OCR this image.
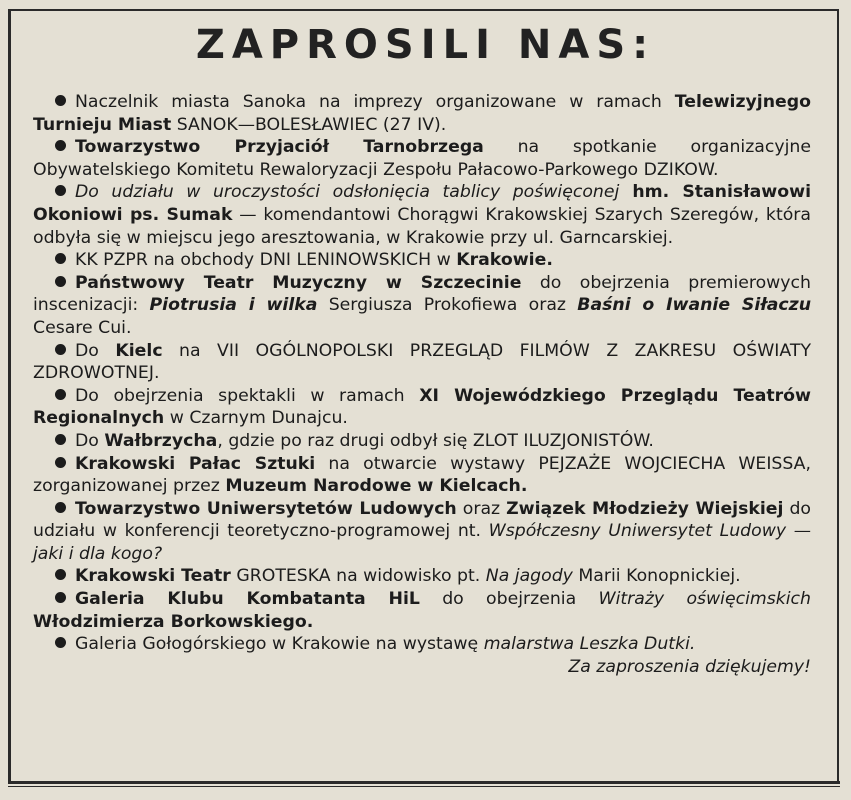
ZAPROSILI NAS:

Naczelnik miasta Sanoka na imprezy organizowane w ramach Telewizyjnego Turnieju Miast SANOK—BOLESŁAWIEC (27 IV).

Towarzystwo Przyjaciół Tarnobrzega na spotkanie organizacyjne Obywatelskiego Komitetu Rewaloryzacji Zespołu Pałacowo-Parkowego DZIKOW.

Do udziału w uroczystości odsłonięcia tablicy poświęconej hm. Stanisławowi Okoniowi ps. Sumak — komendantowi Chorągwi Krakowskiej Szarych Szeregów, która odbyła się w miejscu jego aresztowania, w Krakowie przy ul. Garncarskiej.

KK PZPR na obchody DNI LENINOWSKICH w Krakowie.

Państwowy Teatr Muzyczny w Szczecinie do obejrzenia premierowych inscenizacji: Piotrusia i wilka Sergiusza Prokofiewa oraz Baśni o Iwanie Siłaczu Cesare Cui.

Do Kielc na VII OGÓLNOPOLSKI PRZEGLĄD FILMÓW Z ZAKRESU OŚWIATY ZDROWOTNEJ.

Do obejrzenia spektakli w ramach XI Wojewódzkiego Przeglądu Teatrów Regionalnych w Czarnym Dunajcu.

Do Wałbrzycha, gdzie po raz drugi odbył się ZLOT ILUZJONISTÓW.

Krakowski Pałac Sztuki na otwarcie wystawy PEJZAŻE WOJCIECHA WEISSA, zorganizowanej przez Muzeum Narodowe w Kielcach.

Towarzystwo Uniwersytetów Ludowych oraz Związek Młodzieży Wiejskiej do udziału w konferencji teoretyczno-programowej nt. Współczesny Uniwersytet Ludowy — jaki i dla kogo?

Krakowski Teatr GROTESKA na widowisko pt. Na jagody Marii Konopnickiej.

Galeria Klubu Kombatanta HiL do obejrzenia Witraży oświęcimskich Włodzimierza Borkowskiego.

Galeria Gołogórskiego w Krakowie na wystawę malarstwa Leszka Dutki.
Za zaproszenia dziękujemy!
